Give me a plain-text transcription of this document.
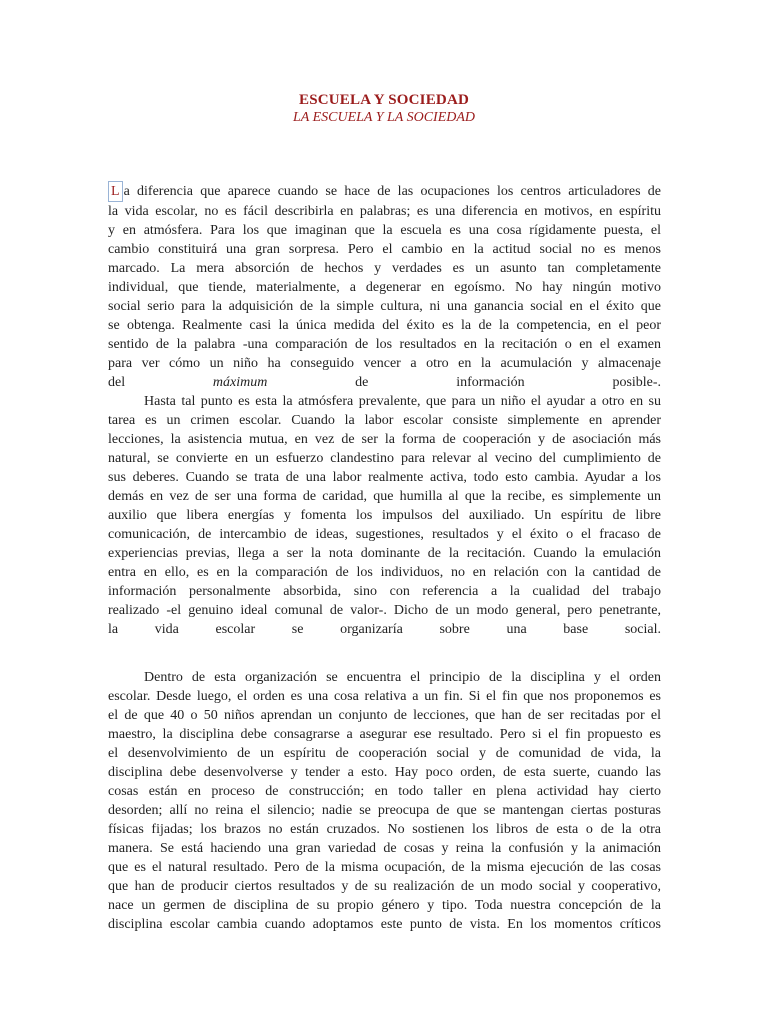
ESCUELA Y SOCIEDAD
LA ESCUELA Y LA SOCIEDAD

L a diferencia que aparece cuando se hace de las ocupaciones los centros articuladores de

la vida escolar, no es fácil describirla en palabras; es una diferencia en motivos, en espíritu

y en atmósfera. Para los que imaginan que la escuela es una cosa rígidamente puesta, el

cambio constituirá una gran sorpresa. Pero el cambio en la actitud social no es menos

marcado. La mera absorción de hechos y verdades es un asunto tan completamente

individual, que tiende, materialmente, a degenerar en egoísmo. No hay ningún motivo

social serio para la adquisición de la simple cultura, ni una ganancia social en el éxito que

se obtenga. Realmente casi la única medida del éxito es la de la competencia, en el peor

sentido de la palabra -una comparación de los resultados en la recitación o en el examen

para ver cómo un niño ha conseguido vencer a otro en la acumulación y almacenaje

del	máximum	de	información	posible-.

Hasta tal punto es esta la atmósfera prevalente, que para un niño el ayudar a otro en su

tarea es un crimen escolar. Cuando la labor escolar consiste simplemente en aprender

lecciones, la asistencia mutua, en vez de ser la forma de cooperación y de asociación más

natural, se convierte en un esfuerzo clandestino para relevar al vecino del cumplimiento de

sus deberes. Cuando se trata de una labor realmente activa, todo esto cambia. Ayudar a los

demás en vez de ser una forma de caridad, que humilla al que la recibe, es simplemente un

auxilio que libera energías y fomenta los impulsos del auxiliado. Un espíritu de libre

comunicación, de intercambio de ideas, sugestiones, resultados y el éxito o el fracaso de

experiencias previas, llega a ser la nota dominante de la recitación. Cuando la emulación

entra en ello, es en la comparación de los individuos, no en relación con la cantidad de

información personalmente absorbida, sino con referencia a la cualidad del trabajo

realizado -el genuino ideal comunal de valor-. Dicho de un modo general, pero penetrante,

la vida escolar se organizaría sobre una base social.

Dentro de esta organización se encuentra el principio de la disciplina y el orden

escolar. Desde luego, el orden es una cosa relativa a un fin. Si el fin que nos proponemos es

el de que 40 o 50 niños aprendan un conjunto de lecciones, que han de ser recitadas por el

maestro, la disciplina debe consagrarse a asegurar ese resultado. Pero si el fin propuesto es

el desenvolvimiento de un espíritu de cooperación social y de comunidad de vida, la

disciplina debe desenvolverse y tender a esto. Hay poco orden, de esta suerte, cuando las

cosas están en proceso de construcción; en todo taller en plena actividad hay cierto

desorden; allí no reina el silencio; nadie se preocupa de que se mantengan ciertas posturas

físicas fijadas; los brazos no están cruzados. No sostienen los libros de esta o de la otra

manera. Se está haciendo una gran variedad de cosas y reina la confusión y la animación

que es el natural resultado. Pero de la misma ocupación, de la misma ejecución de las cosas

que han de producir ciertos resultados y de su realización de un modo social y cooperativo,

nace un germen de disciplina de su propio género y tipo. Toda nuestra concepción de la

disciplina escolar cambia cuando adoptamos este punto de vista. En los momentos críticos
